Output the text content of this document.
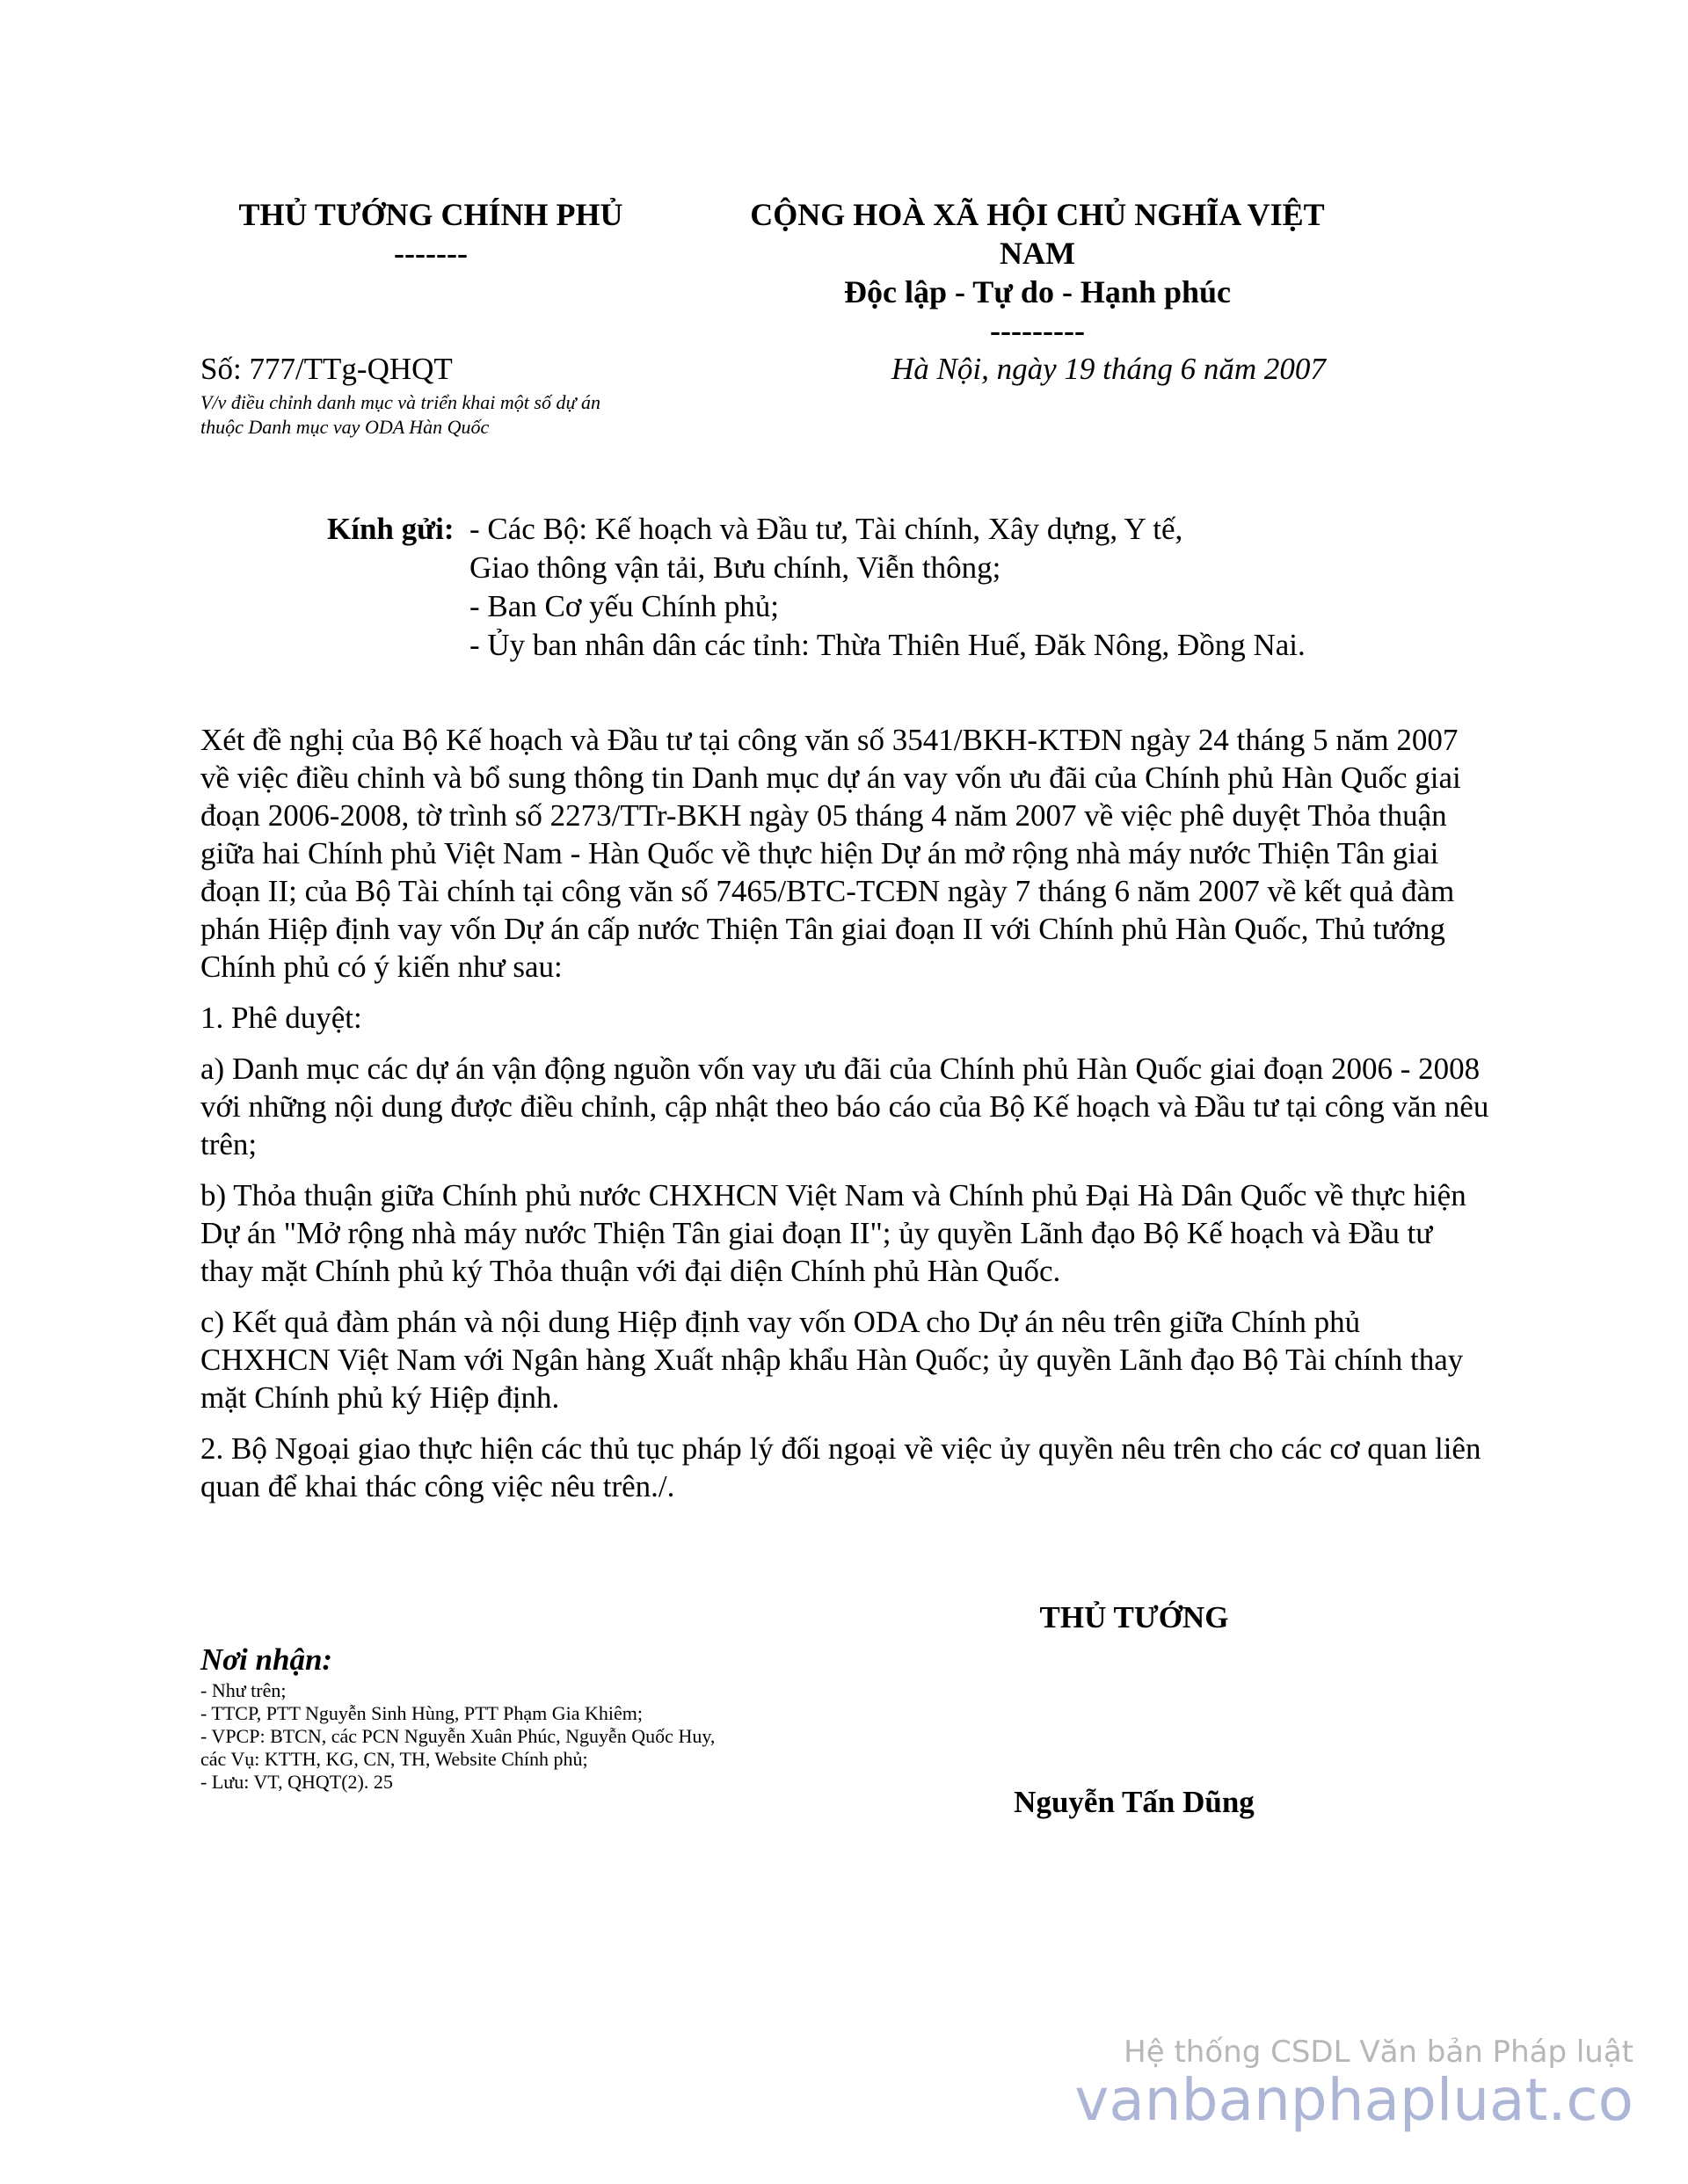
THỦ TƯỚNG CHÍNH PHỦ
-------
CỘNG HOÀ XÃ HỘI CHỦ NGHĨA VIỆT
NAM
Độc lập - Tự do - Hạnh phúc
---------
Số: 777/TTg-QHQT
V/v điều chỉnh danh mục và triển khai một số dự án
thuộc Danh mục vay ODA Hàn Quốc
Hà Nội, ngày 19 tháng 6 năm 2007
Kính gửi: - Các Bộ: Kế hoạch và Đầu tư, Tài chính, Xây dựng, Y tế,
Giao thông vận tải, Bưu chính, Viễn thông;
- Ban Cơ yếu Chính phủ;
- Ủy ban nhân dân các tỉnh: Thừa Thiên Huế, Đăk Nông, Đồng Nai.

Xét đề nghị của Bộ Kế hoạch và Đầu tư tại công văn số 3541/BKH-KTĐN ngày 24 tháng 5 năm 2007 về việc điều chỉnh và bổ sung thông tin Danh mục dự án vay vốn ưu đãi của Chính phủ Hàn Quốc giai đoạn 2006-2008, tờ trình số 2273/TTr-BKH ngày 05 tháng 4 năm 2007 về việc phê duyệt Thỏa thuận giữa hai Chính phủ Việt Nam - Hàn Quốc về thực hiện Dự án mở rộng nhà máy nước Thiện Tân giai đoạn II; của Bộ Tài chính tại công văn số 7465/BTC-TCĐN ngày 7 tháng 6 năm 2007 về kết quả đàm phán Hiệp định vay vốn Dự án cấp nước Thiện Tân giai đoạn II với Chính phủ Hàn Quốc, Thủ tướng Chính phủ có ý kiến như sau:

1. Phê duyệt:

a) Danh mục các dự án vận động nguồn vốn vay ưu đãi của Chính phủ Hàn Quốc giai đoạn 2006 - 2008 với những nội dung được điều chỉnh, cập nhật theo báo cáo của Bộ Kế hoạch và Đầu tư tại công văn nêu trên;

b) Thỏa thuận giữa Chính phủ nước CHXHCN Việt Nam và Chính phủ Đại Hà Dân Quốc về thực hiện Dự án "Mở rộng nhà máy nước Thiện Tân giai đoạn II"; ủy quyền Lãnh đạo Bộ Kế hoạch và Đầu tư thay mặt Chính phủ ký Thỏa thuận với đại diện Chính phủ Hàn Quốc.

c) Kết quả đàm phán và nội dung Hiệp định vay vốn ODA cho Dự án nêu trên giữa Chính phủ CHXHCN Việt Nam với Ngân hàng Xuất nhập khẩu Hàn Quốc; ủy quyền Lãnh đạo Bộ Tài chính thay mặt Chính phủ ký Hiệp định.

2. Bộ Ngoại giao thực hiện các thủ tục pháp lý đối ngoại về việc ủy quyền nêu trên cho các cơ quan liên quan để khai thác công việc nêu trên./.

THỦ TƯỚNG
Nguyễn Tấn Dũng
Nơi nhận:
- Như trên;
- TTCP, PTT Nguyễn Sinh Hùng, PTT Phạm Gia Khiêm;
- VPCP: BTCN, các PCN Nguyễn Xuân Phúc, Nguyễn Quốc Huy,
các Vụ: KTTH, KG, CN, TH, Website Chính phủ;
- Lưu: VT, QHQT(2). 25
Hệ thống CSDL Văn bản Pháp luật
vanbanphapluat.co
